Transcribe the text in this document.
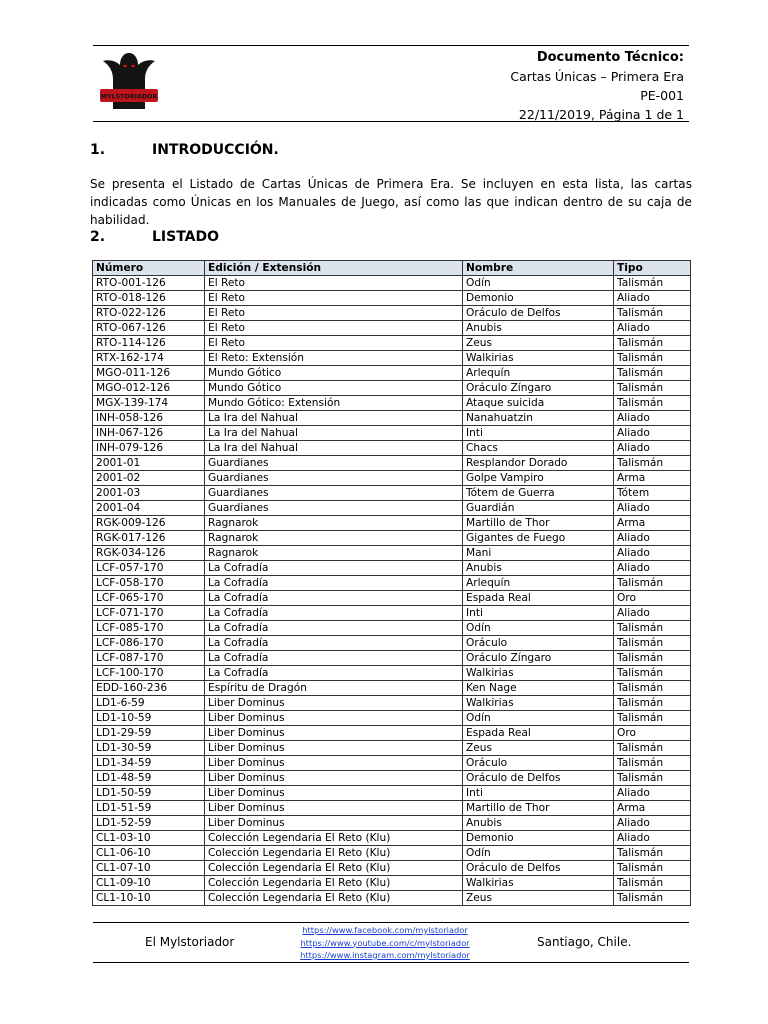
MYLSTORIADOR
Documento Técnico:
Cartas Únicas – Primera Era
PE-001
22/11/2019, Página 1 de 1
1.	INTRODUCCIÓN.
Se presenta el Listado de Cartas Únicas de Primera Era. Se incluyen en esta lista, las cartas indicadas como Únicas en los Manuales de Juego, así como las que indican dentro de su caja de habilidad.
2.	LISTADO
Número	Edición / Extensión	Nombre	Tipo
RTO-001-126	El Reto	Odín	Talismán
RTO-018-126	El Reto	Demonio	Aliado
RTO-022-126	El Reto	Oráculo de Delfos	Talismán
RTO-067-126	El Reto	Anubis	Aliado
RTO-114-126	El Reto	Zeus	Talismán
RTX-162-174	El Reto: Extensión	Walkirias	Talismán
MGO-011-126	Mundo Gótico	Arlequín	Talismán
MGO-012-126	Mundo Gótico	Oráculo Zíngaro	Talismán
MGX-139-174	Mundo Gótico: Extensión	Ataque suicida	Talismán
INH-058-126	La Ira del Nahual	Nanahuatzin	Aliado
INH-067-126	La Ira del Nahual	Inti	Aliado
INH-079-126	La Ira del Nahual	Chacs	Aliado
2001-01	Guardianes	Resplandor Dorado	Talismán
2001-02	Guardianes	Golpe Vampiro	Arma
2001-03	Guardianes	Tótem de Guerra	Tótem
2001-04	Guardianes	Guardián	Aliado
RGK-009-126	Ragnarok	Martillo de Thor	Arma
RGK-017-126	Ragnarok	Gigantes de Fuego	Aliado
RGK-034-126	Ragnarok	Mani	Aliado
LCF-057-170	La Cofradía	Anubis	Aliado
LCF-058-170	La Cofradía	Arlequín	Talismán
LCF-065-170	La Cofradía	Espada Real	Oro
LCF-071-170	La Cofradía	Inti	Aliado
LCF-085-170	La Cofradía	Odín	Talismán
LCF-086-170	La Cofradía	Oráculo	Talismán
LCF-087-170	La Cofradía	Oráculo Zíngaro	Talismán
LCF-100-170	La Cofradía	Walkirias	Talismán
EDD-160-236	Espíritu de Dragón	Ken Nage	Talismán
LD1-6-59	Liber Dominus	Walkirias	Talismán
LD1-10-59	Liber Dominus	Odín	Talismán
LD1-29-59	Liber Dominus	Espada Real	Oro
LD1-30-59	Liber Dominus	Zeus	Talismán
LD1-34-59	Liber Dominus	Oráculo	Talismán
LD1-48-59	Liber Dominus	Oráculo de Delfos	Talismán
LD1-50-59	Liber Dominus	Inti	Aliado
LD1-51-59	Liber Dominus	Martillo de Thor	Arma
LD1-52-59	Liber Dominus	Anubis	Aliado
CL1-03-10	Colección Legendaria El Reto (Klu)	Demonio	Aliado
CL1-06-10	Colección Legendaria El Reto (Klu)	Odín	Talismán
CL1-07-10	Colección Legendaria El Reto (Klu)	Oráculo de Delfos	Talismán
CL1-09-10	Colección Legendaria El Reto (Klu)	Walkirias	Talismán
CL1-10-10	Colección Legendaria El Reto (Klu)	Zeus	Talismán
El Mylstoriador
https://www.facebook.com/mylstoriador
https://www.youtube.com/c/mylstoriador
https://www.instagram.com/mylstoriador
Santiago, Chile.
